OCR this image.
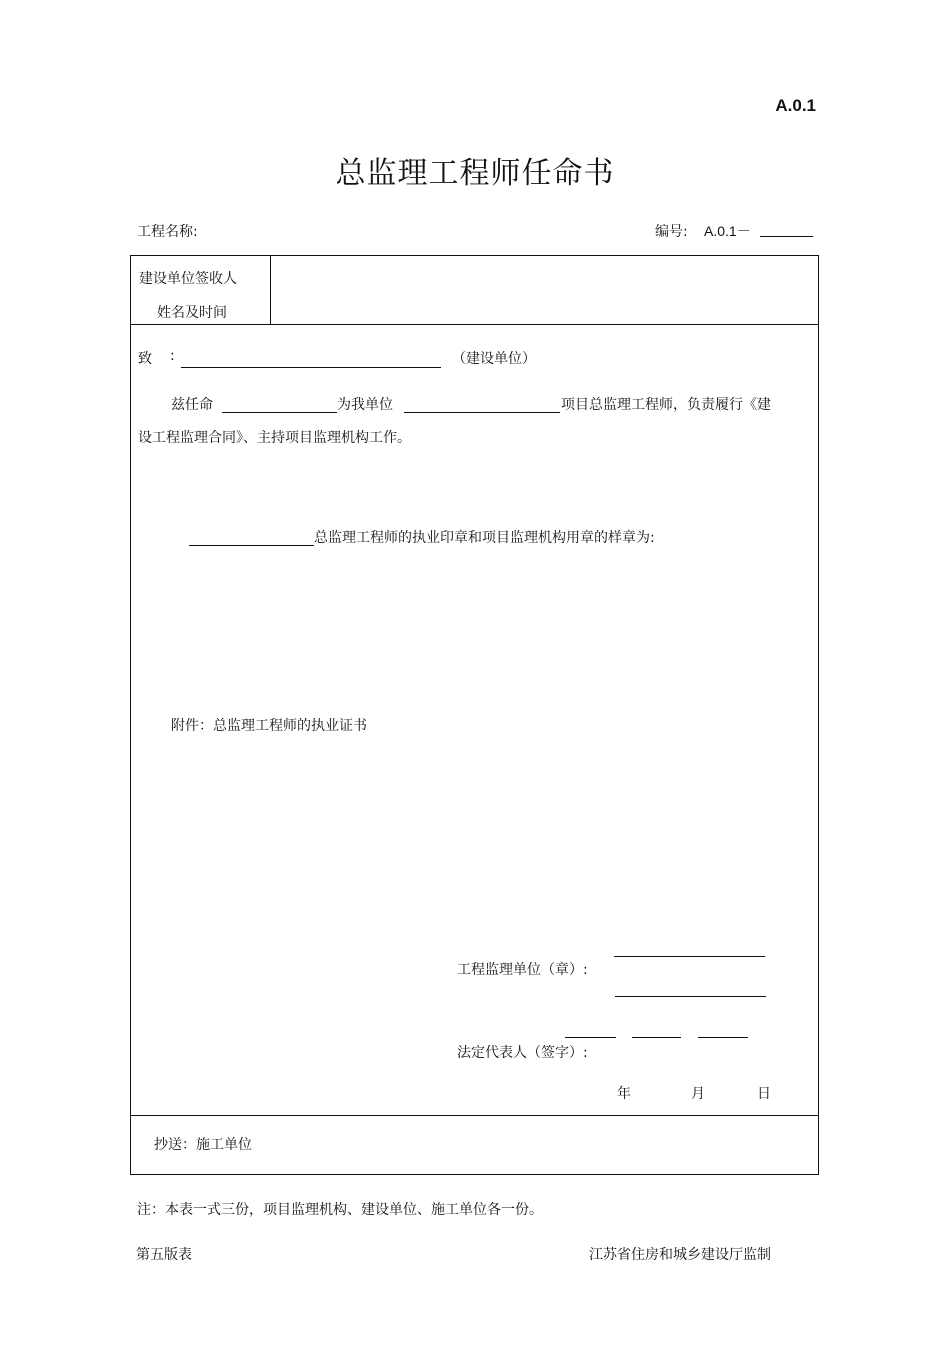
A.0.1
总监理工程师任命书
工程名称:	编号: A.0.1－
建设单位签收人
姓名及时间
致 :	（建设单位）
兹任命	为我单位	项目总监理工程师，负责履行《建
设工程监理合同》、主持项目监理机构工作。
总监理工程师的执业印章和项目监理机构用章的样章为:
附件：总监理工程师的执业证书
工程监理单位（章）:
法定代表人（签字）:
年	月	日
抄送：施工单位
注：本表一式三份，项目监理机构、建设单位、施工单位各一份。
第五版表	江苏省住房和城乡建设厅监制
